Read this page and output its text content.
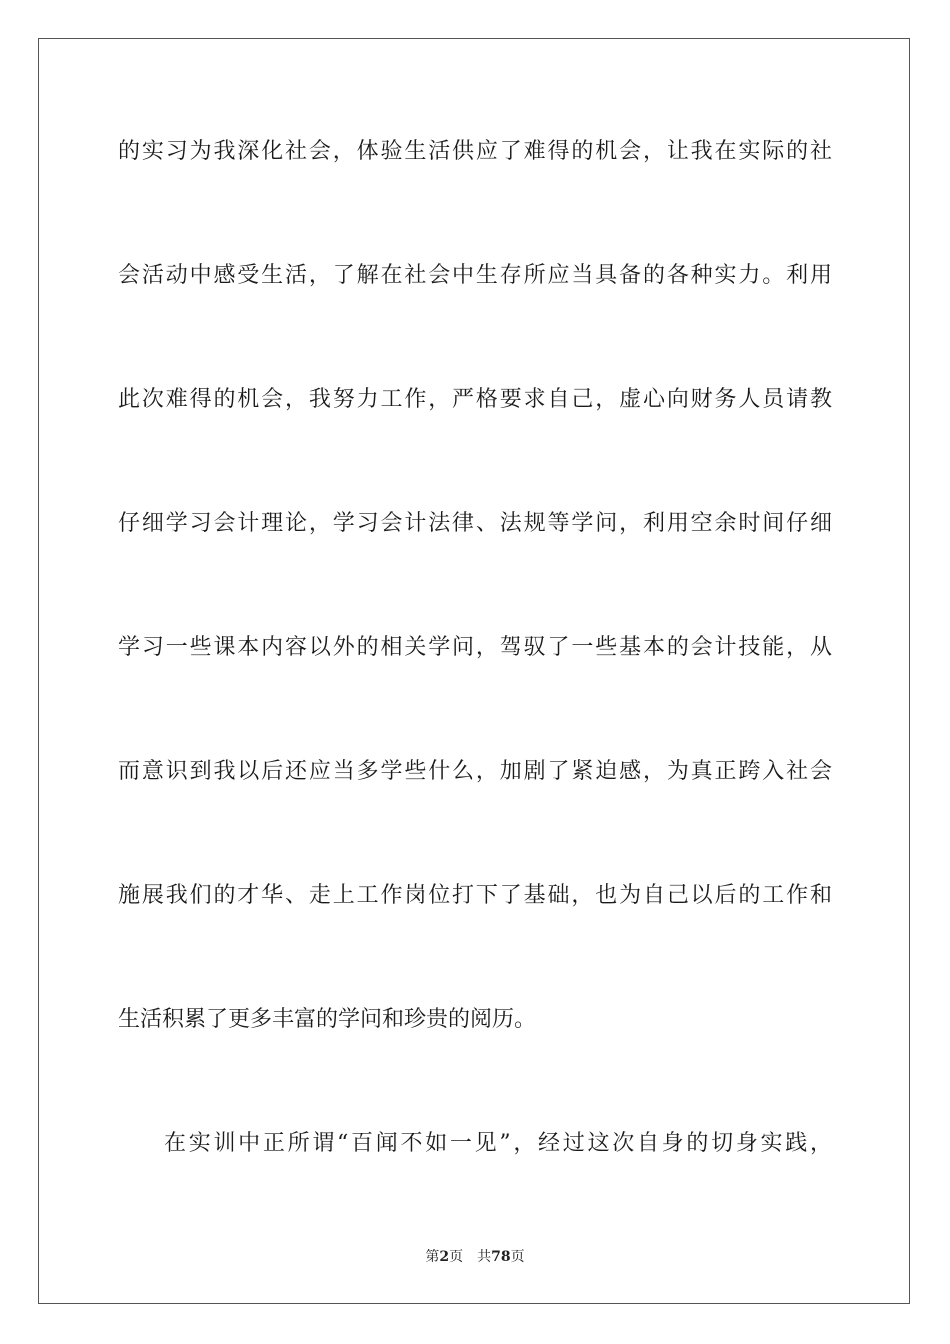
的实习为我深化社会，体验生活供应了难得的机会，让我在实际的社
会活动中感受生活，了解在社会中生存所应当具备的各种实力。利用
此次难得的机会，我努力工作，严格要求自己，虚心向财务人员请教
仔细学习会计理论，学习会计法律、法规等学问，利用空余时间仔细
学习一些课本内容以外的相关学问，驾驭了一些基本的会计技能，从
而意识到我以后还应当多学些什么，加剧了紧迫感，为真正跨入社会
施展我们的才华、走上工作岗位打下了基础，也为自己以后的工作和
生活积累了更多丰富的学问和珍贵的阅历。
在实训中正所谓“百闻不如一见”，经过这次自身的切身实践，
第2页 共78页
